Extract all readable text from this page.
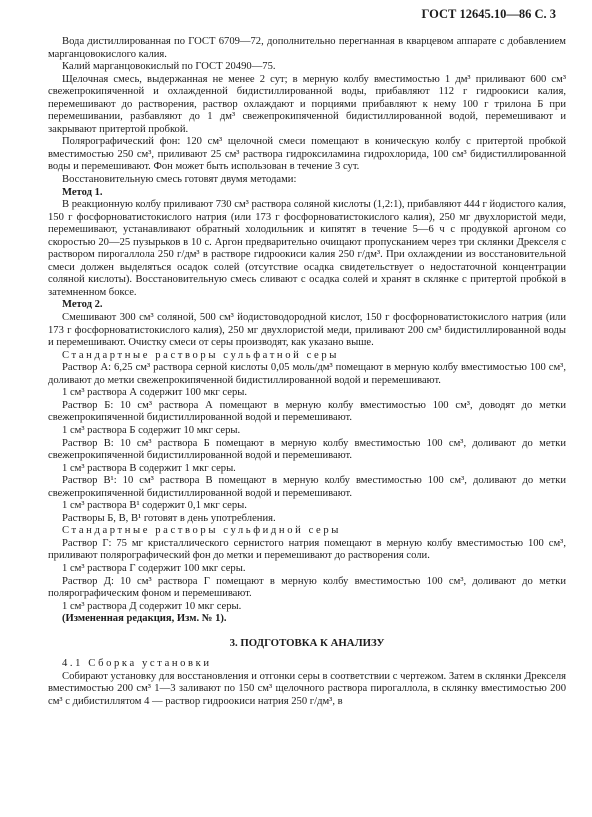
ГОСТ 12645.10—86 С. 3

Вода дистиллированная по ГОСТ 6709—72, дополнительно перегнанная в кварцевом аппарате с добавлением марганцовокислого калия.

Калий марганцовокислый по ГОСТ 20490—75.

Щелочная смесь, выдержанная не менее 2 сут; в мерную колбу вместимостью 1 дм³ приливают 600 см³ свежепрокипяченной и охлажденной бидистиллированной воды, прибавляют 112 г гидроокиси калия, перемешивают до растворения, раствор охлаждают и порциями прибавляют к нему 100 г трилона Б при перемешивании, разбавляют до 1 дм³ свежепрокипяченной бидистиллированной водой, перемешивают и закрывают притертой пробкой.

Полярографический фон: 120 см³ щелочной смеси помещают в коническую колбу с притертой пробкой вместимостью 250 см³, приливают 25 см³ раствора гидроксиламина гидрохлорида, 100 см³ бидистиллированной воды и перемешивают. Фон может быть использован в течение 3 сут.

Восстановительную смесь готовят двумя методами:

Метод 1.

В реакционную колбу приливают 730 см³ раствора соляной кислоты (1,2:1), прибавляют 444 г йодистого калия, 150 г фосфорноватистокислого натрия (или 173 г фосфорноватистокислого калия), 250 мг двухлористой меди, перемешивают, устанавливают обратный холодильник и кипятят в течение 5—6 ч с продувкой аргоном со скоростью 20—25 пузырьков в 10 с. Аргон предварительно очищают пропусканием через три склянки Дрекселя с раствором пирогаллола 250 г/дм³ в растворе гидроокиси калия 250 г/дм³. При охлаждении из восстановительной смеси должен выделяться осадок солей (отсутствие осадка свидетельствует о недостаточной концентрации соляной кислоты). Восстановительную смесь сливают с осадка солей и хранят в склянке с притертой пробкой в затемненном боксе.

Метод 2.

Смешивают 300 см³ соляной, 500 см³ йодистоводородной кислот, 150 г фосфорноватистокислого натрия (или 173 г фосфорноватистокислого калия), 250 мг двухлористой меди, приливают 200 см³ бидистиллированной воды и перемешивают. Очистку смеси от серы производят, как указано выше.

Стандартные растворы сульфатной серы

Раствор А: 6,25 см³ раствора серной кислоты 0,05 моль/дм³ помещают в мерную колбу вместимостью 100 см³, доливают до метки свежепрокипяченной бидистиллированной водой и перемешивают.

1 см³ раствора А содержит 100 мкг серы.

Раствор Б: 10 см³ раствора А помещают в мерную колбу вместимостью 100 см³, доводят до метки свежепрокипяченной бидистиллированной водой и перемешивают.

1 см³ раствора Б содержит 10 мкг серы.

Раствор В: 10 см³ раствора Б помещают в мерную колбу вместимостью 100 см³, доливают до метки свежепрокипяченной бидистиллированной водой и перемешивают.

1 см³ раствора В содержит 1 мкг серы.

Раствор В¹: 10 см³ раствора В помещают в мерную колбу вместимостью 100 см³, доливают до метки свежепрокипяченной бидистиллированной водой и перемешивают.

1 см³ раствора В¹ содержит 0,1 мкг серы.

Растворы Б, В, В¹ готовят в день употребления.

Стандартные растворы сульфидной серы

Раствор Г: 75 мг кристаллического сернистого натрия помещают в мерную колбу вместимостью 100 см³, приливают полярографический фон до метки и перемешивают до растворения соли.

1 см³ раствора Г содержит 100 мкг серы.

Раствор Д: 10 см³ раствора Г помещают в мерную колбу вместимостью 100 см³, доливают до метки полярографическим фоном и перемешивают.

1 см³ раствора Д содержит 10 мкг серы.

(Измененная редакция, Изм. № 1).

3. ПОДГОТОВКА К АНАЛИЗУ

4.1 Сборка установки

Собирают установку для восстановления и отгонки серы в соответствии с чертежом. Затем в склянки Дрекселя вместимостью 200 см³ 1—3 заливают по 150 см³ щелочного раствора пирогаллола, в склянку вместимостью 200 см³ с дибистиллятом 4 — раствор гидроокиси натрия 250 г/дм³, в
